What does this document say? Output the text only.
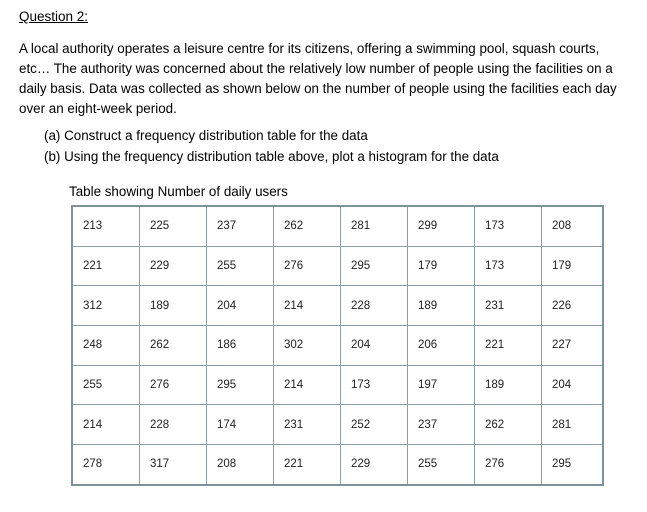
Question 2:

A local authority operates a leisure centre for its citizens, offering a swimming pool, squash courts, etc… The authority was concerned about the relatively low number of people using the facilities on a daily basis. Data was collected as shown below on the number of people using the facilities each day over an eight-week period.

(a) Construct a frequency distribution table for the data
(b) Using the frequency distribution table above, plot a histogram for the data
Table showing Number of daily users
213	225	237	262	281	299	173	208
221	229	255	276	295	179	173	179
312	189	204	214	228	189	231	226
248	262	186	302	204	206	221	227
255	276	295	214	173	197	189	204
214	228	174	231	252	237	262	281
278	317	208	221	229	255	276	295
